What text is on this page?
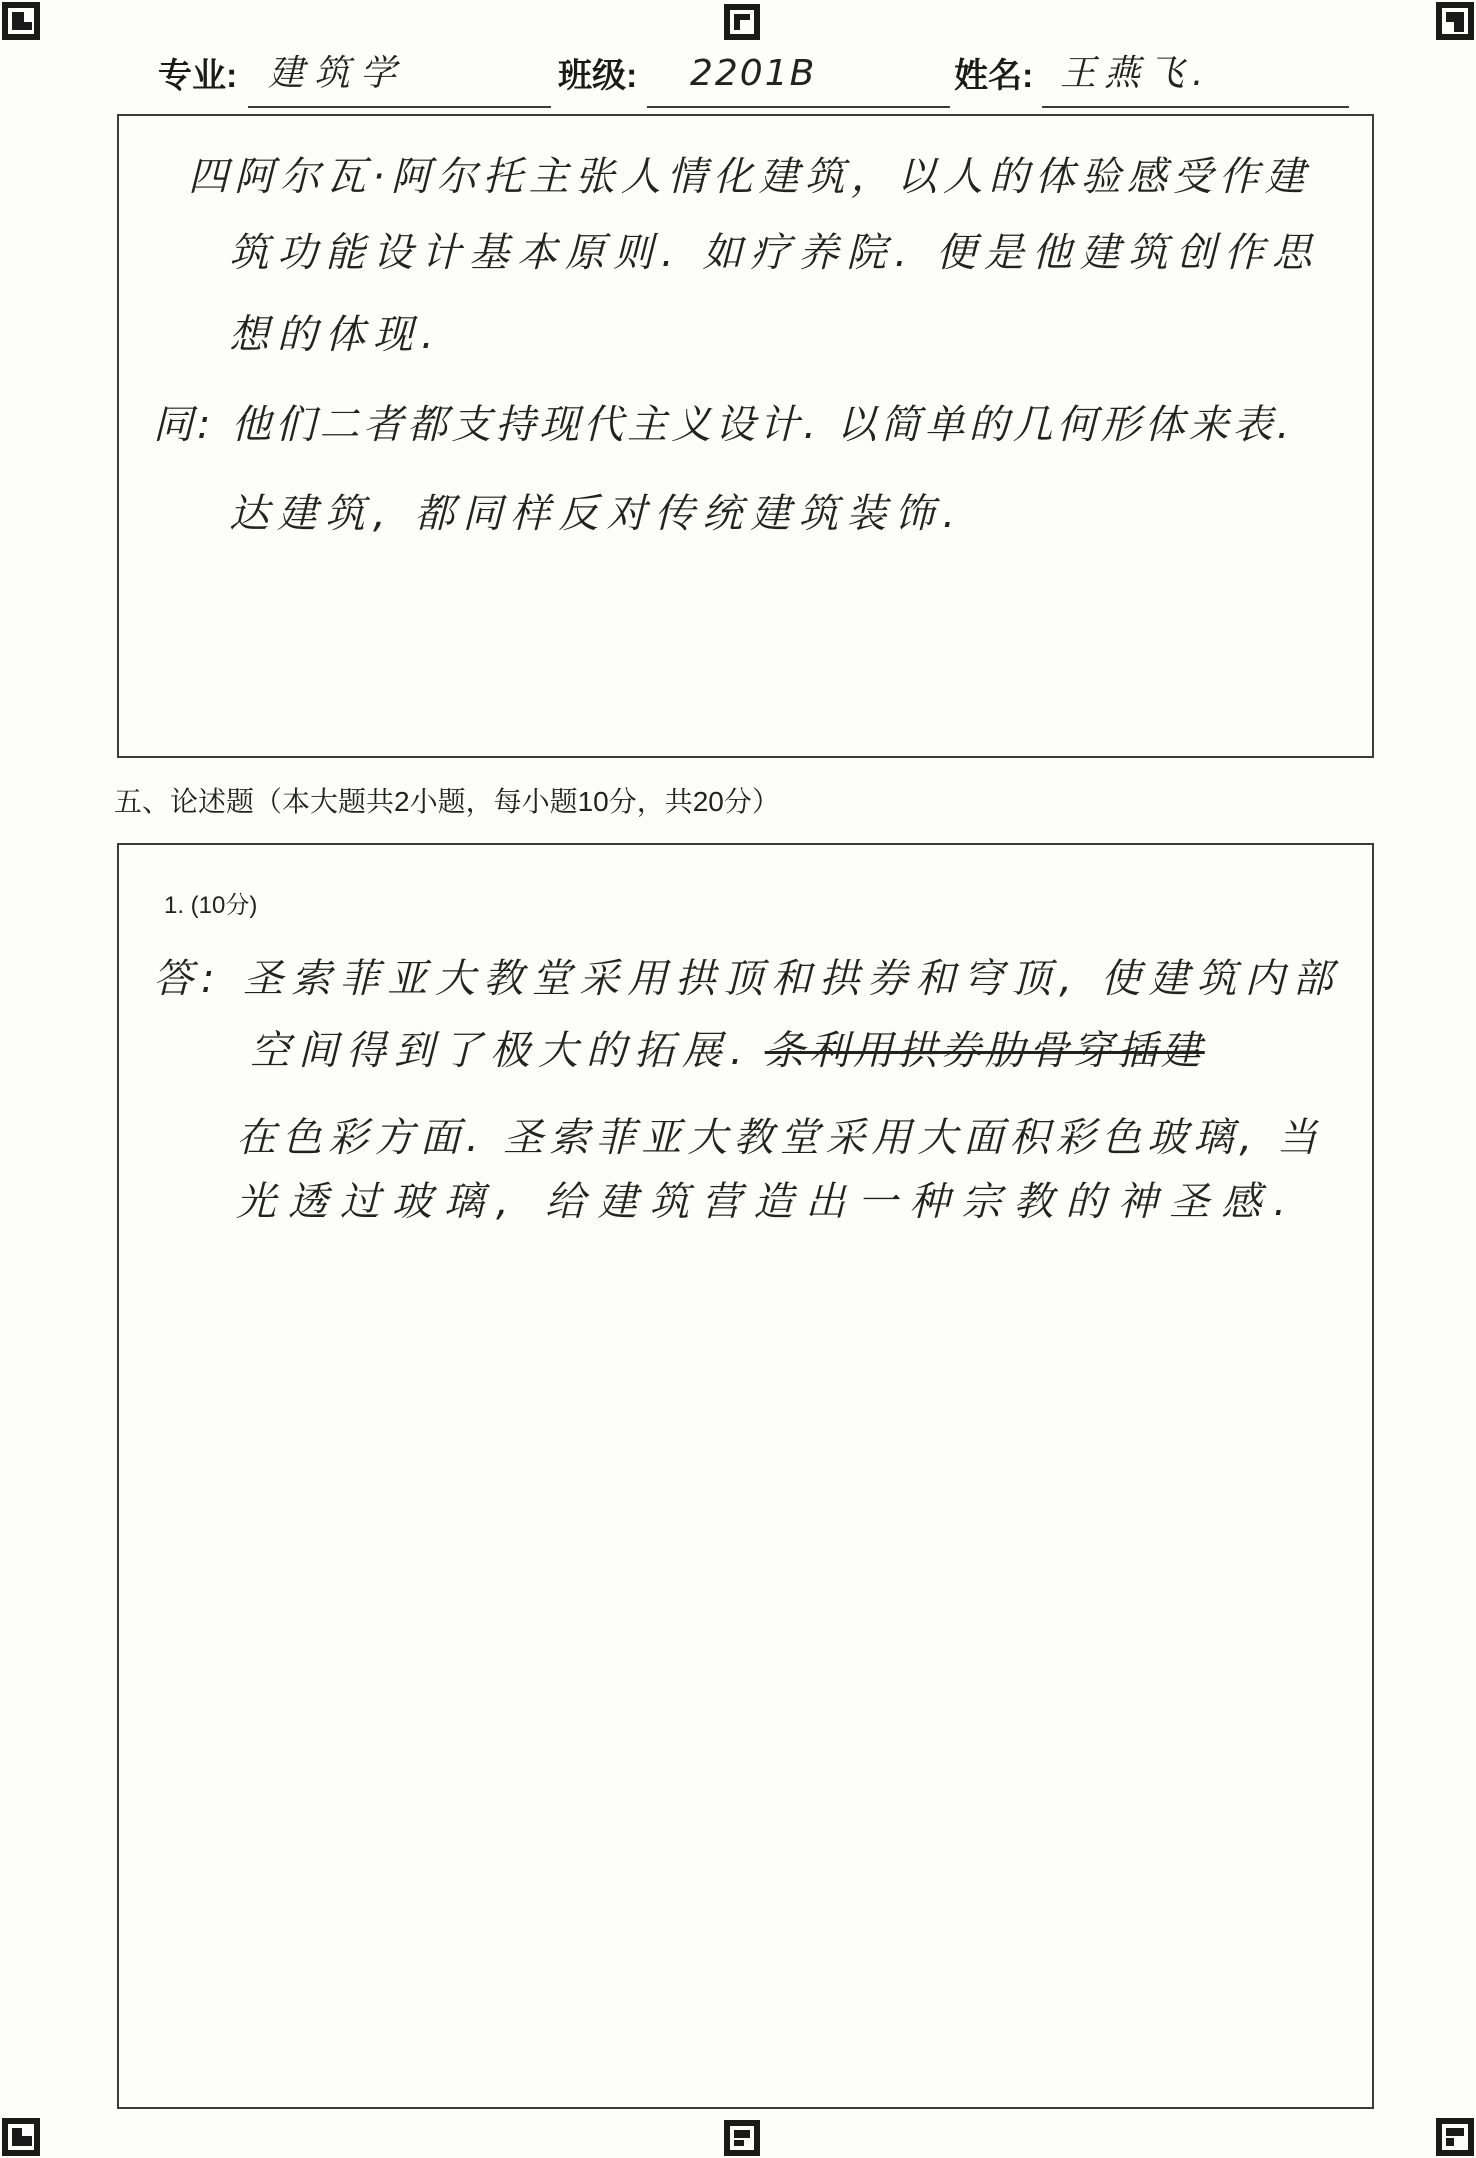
专业: 建筑学	班级: 2201B	姓名: 王燕飞.
四阿尔瓦·阿尔托主张人情化建筑，以人的体验感受作建
筑功能设计基本原则. 如疗养院. 便是他建筑创作思
想的体现.
同: 他们二者都支持现代主义设计. 以简单的几何形体来表.
达建筑, 都同样反对传统建筑装饰.
五、论述题（本大题共2小题，每小题10分，共20分）
1. (10分)
答: 圣索菲亚大教堂采用拱顶和拱券和穹顶, 使建筑内部
空间得到了极大的拓展. 条利用拱券肋骨穿插建
在色彩方面. 圣索菲亚大教堂采用大面积彩色玻璃, 当
光透过玻璃, 给建筑营造出一种宗教的神圣感.
